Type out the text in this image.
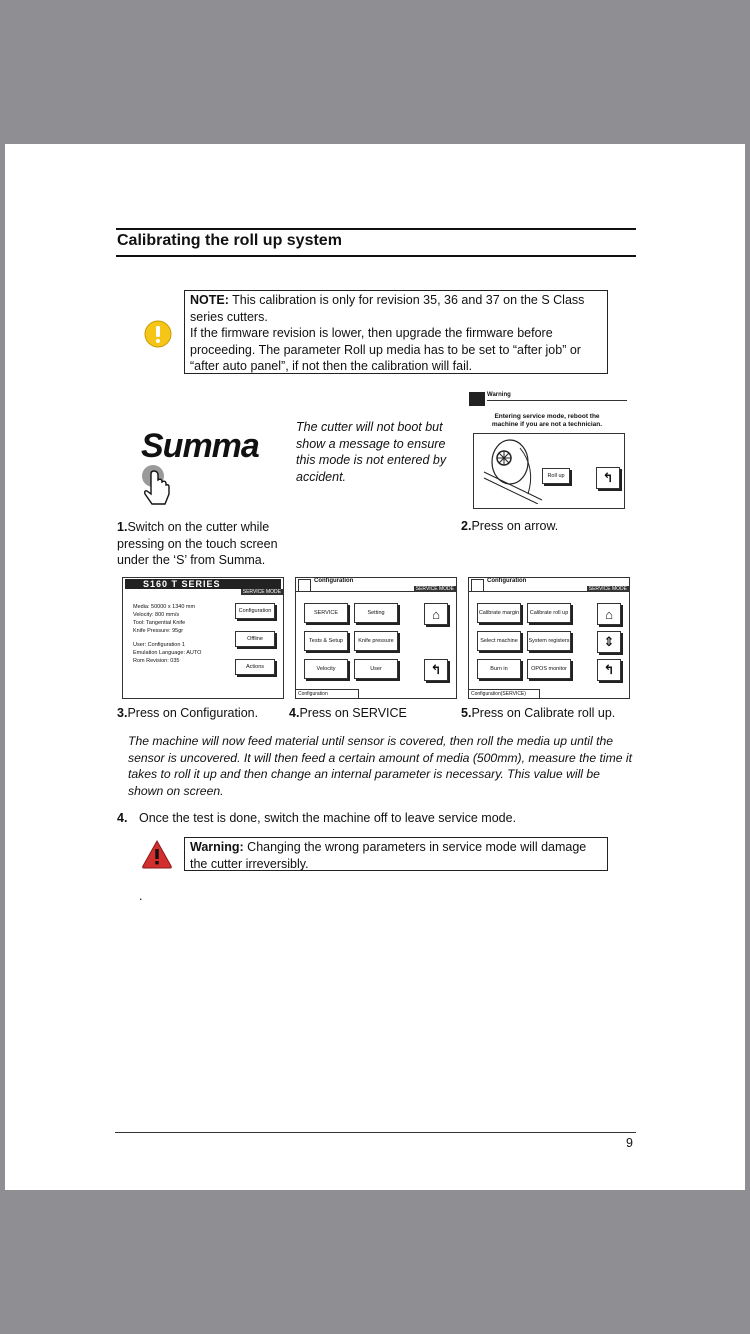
Calibrating the roll up system
NOTE: This calibration is only for revision 35, 36 and 37 on the S Class
series cutters.
If the firmware revision is lower, then upgrade the firmware before
proceeding. The parameter Roll up media has to be set to “after job” or
“after auto panel”, if not then the calibration will fail.
Summa	The cutter will not boot but
show a message to ensure
this mode is not entered by
accident.
Warning
Entering service mode, reboot the
machine if you are not a technician.
Roll up	↰
1.Switch on the cutter while
pressing on the touch screen
under the ‘S’ from Summa.
2.Press on arrow.
S160 T SERIES
SERVICE MODE
Media: 50000 x 1340 mm
Velocity: 800 mm/s
Tool: Tangential Knife
Knife Pressure: 95gr
User: Configuration 1
Emulation Language: AUTO
Rom Revision: 035
Configuration
Offline
Actions
Configuration
SERVICE MODE
SERVICE	Setting
Tests & Setup	Knife pressure
Velocity	User
⌂
↰
Configuration
Configuration
SERVICE MODE
Calibrate margin	Calibrate roll up
Select machine	System registers
Burn in	OPOS monitor
⌂
⇕
↰
Configuration(SERVICE)
3.Press on Configuration. 4.Press on SERVICE	5.Press on Calibrate roll up.
The machine will now feed material until sensor is covered, then roll the media up until the
sensor is uncovered. It will then feed a certain amount of media (500mm), measure the time it
takes to roll it up and then change an internal parameter is necessary. This value will be
shown on screen.
4. Once the test is done, switch the machine off to leave service mode.
Warning: Changing the wrong parameters in service mode will damage
the cutter irreversibly.
.
9
